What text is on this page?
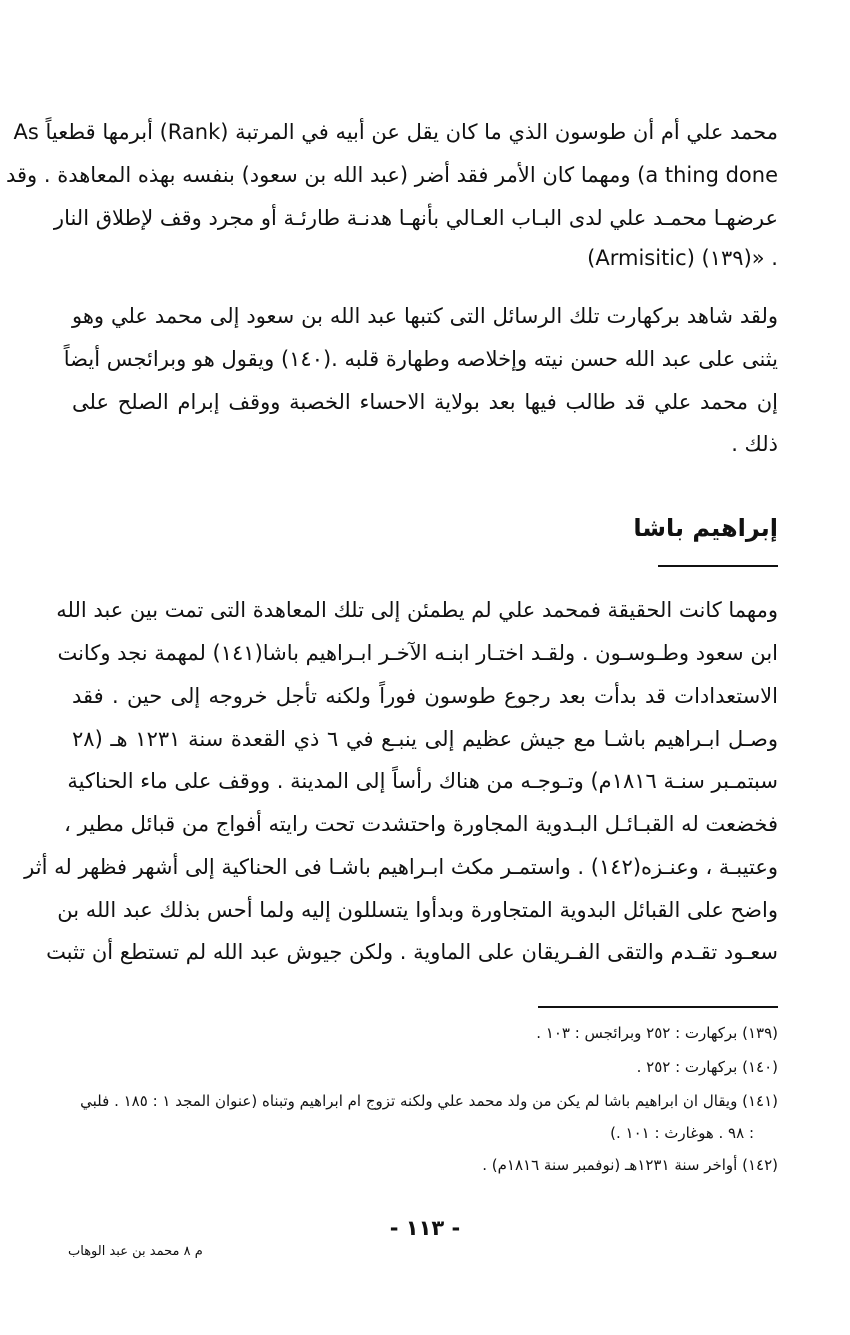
محمد علي أم أن طوسون الذي ما كان يقل عن أبيه في المرتبة (Rank) أبرمها قطعياً As
a thing done) ومهما كان الأمر فقد أضر (عبد الله بن سعود) بنفسه بهذه المعاهدة . وقد
عرضهـا محمـد علي لدى البـاب العـالي بأنهـا هدنـة طارئـة أو مجرد وقف لإطلاق النار
. «(١٣٩) (Armisitic)
ولقد شاهد بركهارت تلك الرسائل التى كتبها عبد الله بن سعود إلى محمد علي وهو
يثنى على عبد الله حسن نيته وإخلاصه وطهارة قلبه .(١٤٠) ويقول هو وبرائجس أيضاً
إن محمد علي قد طالب فيها بعد بولاية الاحساء الخصبة ووقف إبرام الصلح على
ذلك .
إبراهيم باشا
ومهما كانت الحقيقة فمحمد علي لم يطمئن إلى تلك المعاهدة التى تمت بين عبد الله
ابن سعود وطـوسـون . ولقـد اختـار ابنـه الآخـر ابـراهيم باشا(١٤١) لمهمة نجد وكانت
الاستعدادات قد بدأت بعد رجوع طوسون فوراً ولكنه تأجل خروجه إلى حين . فقد
وصـل ابـراهيم باشـا مع جيش عظيم إلى ينبـع في ٦ ذي القعدة سنة ١٢٣١ هـ (٢٨
سبتمـبر سنـة ١٨١٦م) وتـوجـه من هناك رأساً إلى المدينة . ووقف على ماء الحناكية
فخضعت له القبـائـل البـدوية المجاورة واحتشدت تحت رايته أفواج من قبائل مطير ،
وعتيبـة ، وعنـزه(١٤٢) . واستمـر مكث ابـراهيم باشـا فى الحناكية إلى أشهر فظهر له أثر
واضح على القبائل البدوية المتجاورة وبدأوا يتسللون إليه ولما أحس بذلك عبد الله بن
سعـود تقـدم والتقى الفـريقان على الماوية . ولكن جيوش عبد الله لم تستطع أن تثبت
(١٣٩) بركهارت : ٢٥٢ وبرائجس : ١٠٣ .
(١٤٠) بركهارت : ٢٥٢ .
(١٤١) ويقال ان ابراهيم باشا لم يكن من ولد محمد علي ولكنه تزوج ام ابراهيم وتبناه (عنوان المجد ١ : ١٨٥ . فلبي
: ٩٨ . هوغارث : ١٠١ .)
(١٤٢) أواخر سنة ١٢٣١هـ (نوفمبر سنة ١٨١٦م) .
- ١١٣ -
م ٨ محمد بن عبد الوهاب
